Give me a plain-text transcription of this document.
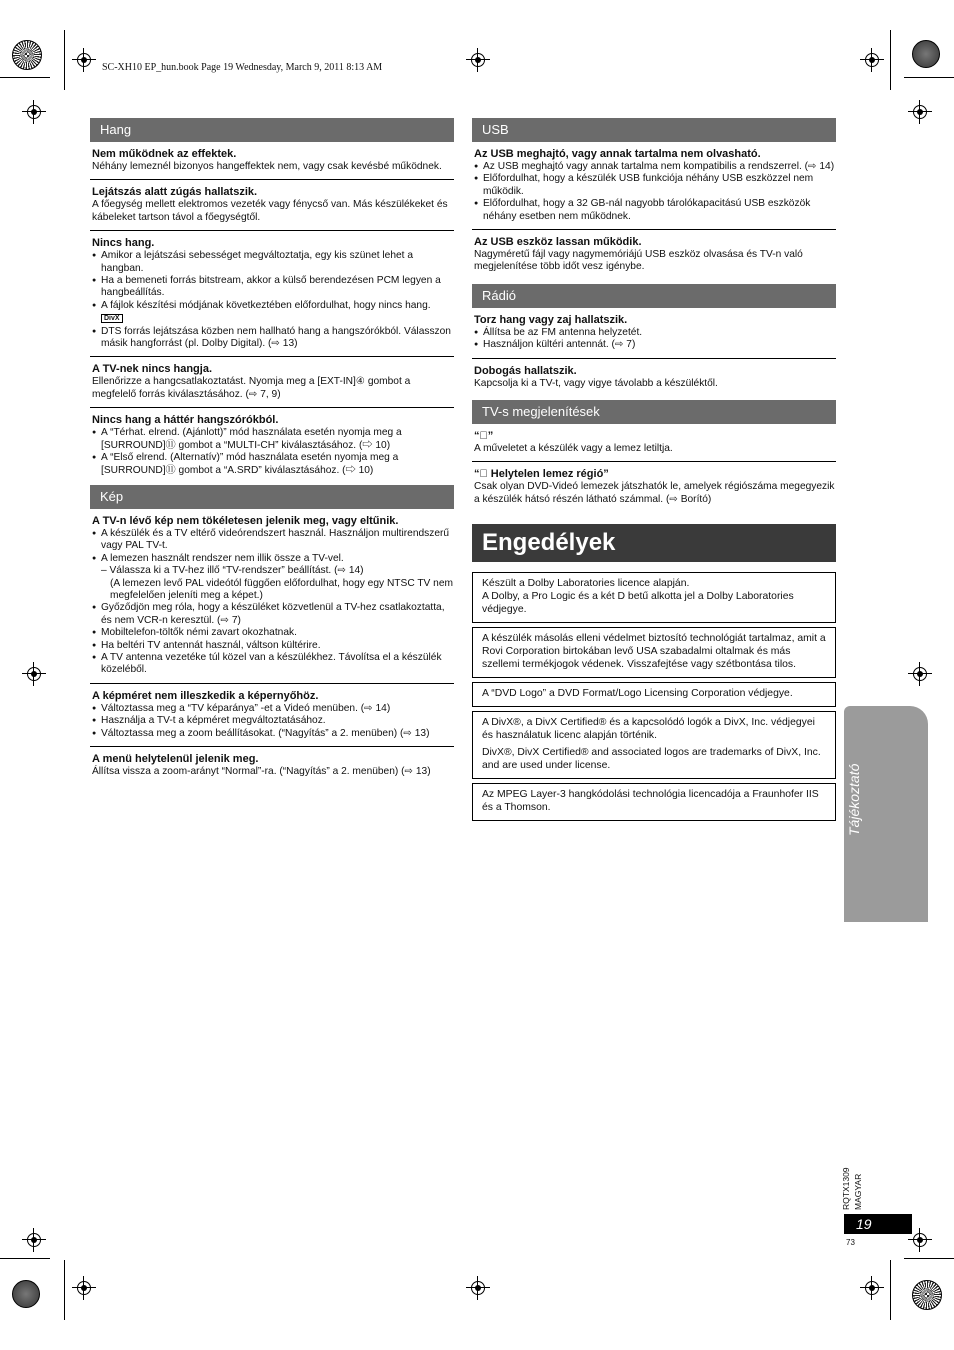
SC-XH10 EP_hun.book Page 19 Wednesday, March 9, 2011 8:13 AM
Hang
Nem működnek az effektek.
Néhány lemeznél bizonyos hangeffektek nem, vagy csak kevésbé működnek.
Lejátszás alatt zúgás hallatszik.
A főegység mellett elektromos vezeték vagy fénycső van. Más készülékeket és kábeleket tartson távol a főegységtől.
Nincs hang.
● Amikor a lejátszási sebességet megváltoztatja, egy kis szünet lehet a hangban.
● Ha a bemeneti forrás bitstream, akkor a külső berendezésen PCM legyen a hangbeállítás.
● A fájlok készítési módjának következtében előfordulhat, hogy nincs hang. DivX
● DTS forrás lejátszása közben nem hallható hang a hangszórókból. Válasszon másik hangforrást (pl. Dolby Digital). (⇨ 13)
A TV-nek nincs hangja.
Ellenőrizze a hangcsatlakoztatást. Nyomja meg a [EXT-IN]④ gombot a megfelelő forrás kiválasztásához. (⇨ 7, 9)
Nincs hang a háttér hangszórókból.
● A “Térhat. elrend. (Ajánlott)” mód használata esetén nyomja meg a [SURROUND]⑪ gombot a “MULTI-CH” kiválasztásához. (⇨ 10)
● A “Első elrend. (Alternatív)” mód használata esetén nyomja meg a [SURROUND]⑪ gombot a “A.SRD” kiválasztásához. (⇨ 10)
Kép
A TV-n lévő kép nem tökéletesen jelenik meg, vagy eltűnik.
● A készülék és a TV eltérő videórendszert használ. Használjon multirendszerű vagy PAL TV-t.
● A lemezen használt rendszer nem illik össze a TV-vel.
– Válassza ki a TV-hez illő “TV-rendszer” beállítást. (⇨ 14)
(A lemezen levő PAL videótól függően előfordulhat, hogy egy NTSC TV nem megfelelően jeleníti meg a képet.)
● Győződjön meg róla, hogy a készüléket közvetlenül a TV-hez csatlakoztatta, és nem VCR-n keresztül. (⇨ 7)
● Mobiltelefon-töltők némi zavart okozhatnak.
● Ha beltéri TV antennát használ, váltson kültérire.
● A TV antenna vezetéke túl közel van a készülékhez. Távolítsa el a készülék közeléből.
A képméret nem illeszkedik a képernyőhöz.
● Változtassa meg a “TV képaránya” -et a Videó menüben. (⇨ 14)
● Használja a TV-t a képméret megváltoztatásához.
● Változtassa meg a zoom beállításokat. (“Nagyítás” a 2. menüben) (⇨ 13)
A menü helytelenül jelenik meg.
Állítsa vissza a zoom-arányt “Normal”-ra. (“Nagyítás” a 2. menüben) (⇨ 13)
USB
Az USB meghajtó, vagy annak tartalma nem olvasható.
● Az USB meghajtó vagy annak tartalma nem kompatibilis a rendszerrel. (⇨ 14)
● Előfordulhat, hogy a készülék USB funkciója néhány USB eszközzel nem működik.
● Előfordulhat, hogy a 32 GB-nál nagyobb tárolókapacitású USB eszközök néhány esetben nem működnek.
Az USB eszköz lassan működik.
Nagyméretű fájl vagy nagymemóriájú USB eszköz olvasása és TV-n való megjelenítése több időt vesz igénybe.
Rádió
Torz hang vagy zaj hallatszik.
● Állítsa be az FM antenna helyzetét.
● Használjon kültéri antennát. (⇨ 7)
Dobogás hallatszik.
Kapcsolja ki a TV-t, vagy vigye távolabb a készüléktől.
TV-s megjelenítések
“⃠”
A műveletet a készülék vagy a lemez letiltja.
“⃠ Helytelen lemez régió”
Csak olyan DVD-Videó lemezek játszhatók le, amelyek régiószáma megegyezik a készülék hátsó részén látható számmal. (⇨ Borító)
Engedélyek
Készült a Dolby Laboratories licence alapján.
A Dolby, a Pro Logic és a két D betű alkotta jel a Dolby Laboratories védjegye.
A készülék másolás elleni védelmet biztosító technológiát tartalmaz, amit a Rovi Corporation birtokában levő USA szabadalmi oltalmak és más szellemi termékjogok védenek. Visszafejtése vagy szétbontása tilos.
A “DVD Logo” a DVD Format/Logo Licensing Corporation védjegye.
A DivX®, a DivX Certified® és a kapcsolódó logók a DivX, Inc. védjegyei és használatuk licenc alapján történik.
DivX®, DivX Certified® and associated logos are trademarks of DivX, Inc. and are used under license.
Az MPEG Layer-3 hangkódolási technológia licencadója a Fraunhofer IIS és a Thomson.	Tájékoztató
RQTX1309 MAGYAR
19
73
